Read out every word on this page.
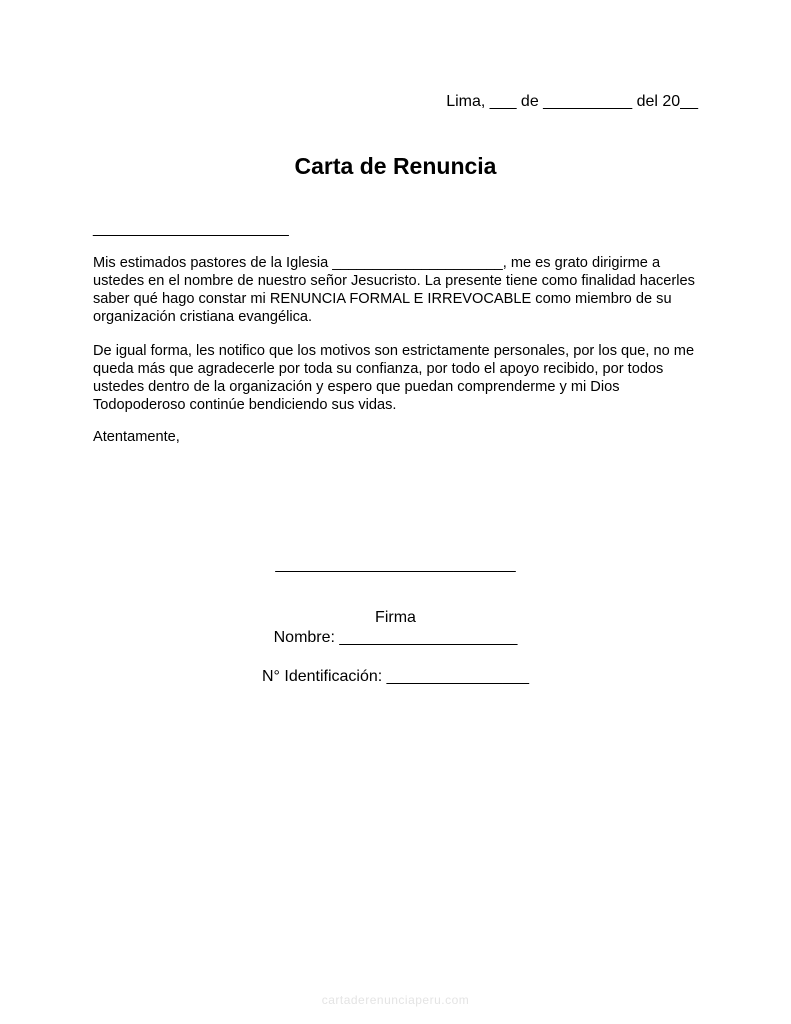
Lima, ___ de __________ del 20__
Carta de Renuncia
______________________

Mis estimados pastores de la Iglesia _____________________, me es grato dirigirme a ustedes en el nombre de nuestro señor Jesucristo. La presente tiene como finalidad hacerles saber qué hago constar mi RENUNCIA FORMAL E IRREVOCABLE como miembro de su organización cristiana evangélica.

De igual forma, les notifico que los motivos son estrictamente personales, por los que, no me queda más que agradecerle por toda su confianza, por todo el apoyo recibido, por todos ustedes dentro de la organización y espero que puedan comprenderme y mi Dios Todopoderoso continúe bendiciendo sus vidas.

Atentamente,
___________________________
Firma
Nombre: ____________________
N° Identificación: ________________
cartaderenunciaperu.com
